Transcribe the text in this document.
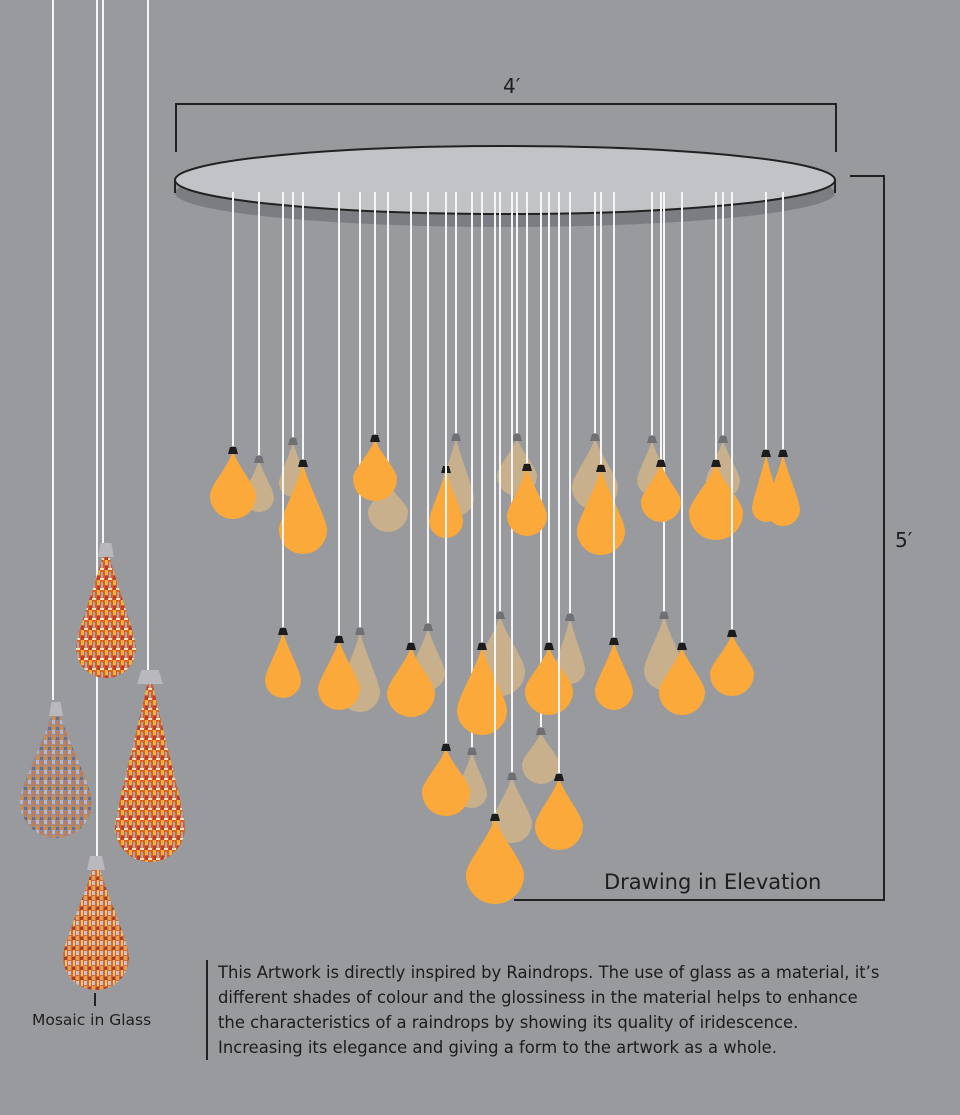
4′
5′
Drawing in Elevation
Mosaic in Glass

This Artwork is directly inspired by Raindrops. The use of glass as a material, it’s

different shades of colour and the glossiness in the material helps to enhance

the characteristics of a raindrops by showing its quality of iridescence.

Increasing its elegance and giving a form to the artwork as a whole.
